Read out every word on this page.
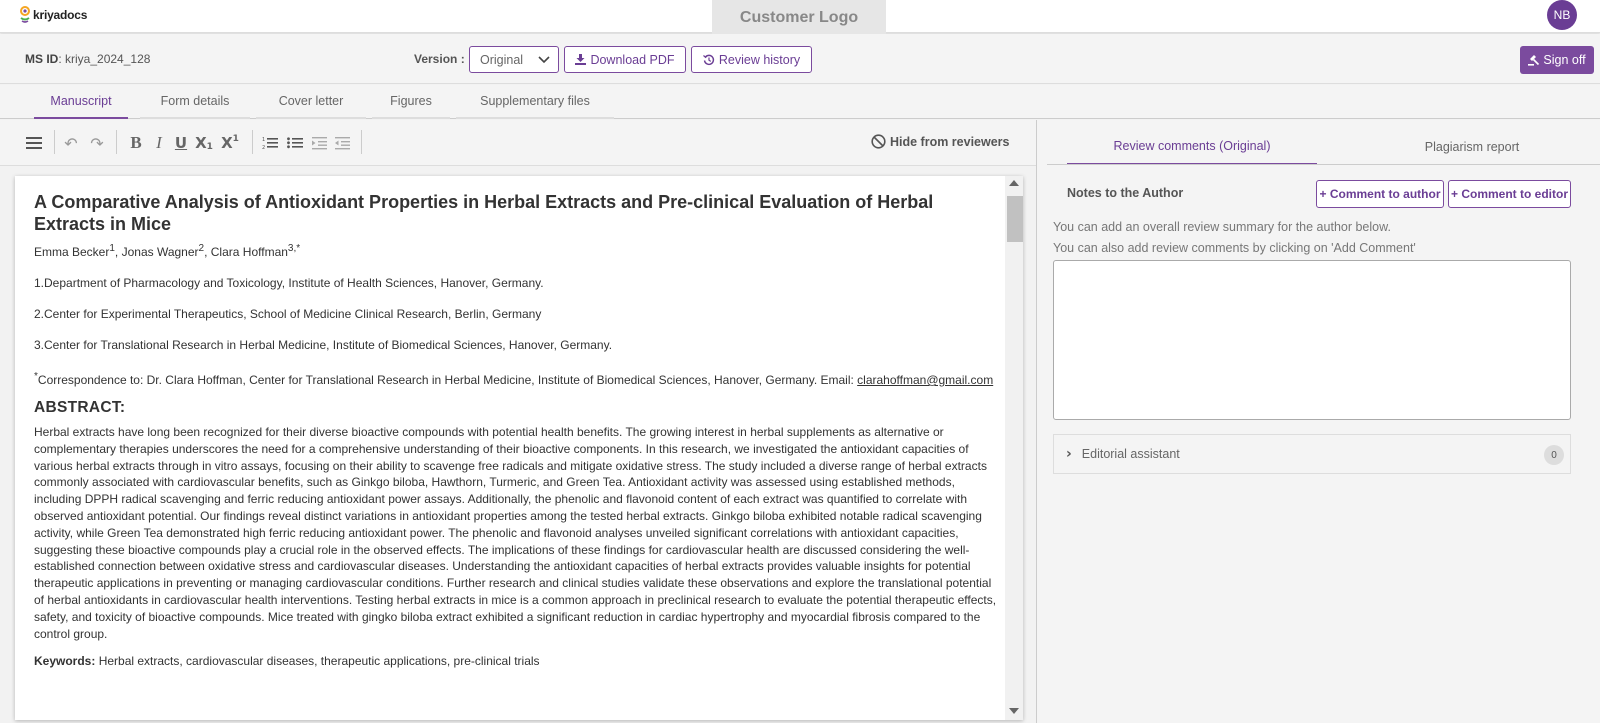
kriyadocs	Customer Logo	NB
MS ID: kriya_2024_128	Version : Original	Download PDF	Review history	Sign off
Manuscript	Form details	Cover letter	Figures	Supplementary files
↶ ↷ B I U X 1 X 1	1
2	Hide from reviewers
A Comparative Analysis of Antioxidant Properties in Herbal Extracts and Pre-clinical Evaluation of Herbal Extracts in Mice
Emma Becker$^1$, Jonas Wagner$^2$, Clara Hoffman$^{3,*}$
1.Department of Pharmacology and Toxicology, Institute of Health Sciences, Hanover, Germany.
2.Center for Experimental Therapeutics, School of Medicine Clinical Research, Berlin, Germany
3.Center for Translational Research in Herbal Medicine, Institute of Biomedical Sciences, Hanover, Germany.
*Correspondence to: Dr. Clara Hoffman, Center for Translational Research in Herbal Medicine, Institute of Biomedical Sciences, Hanover, Germany. Email: clarahoffman@gmail.com
ABSTRACT:
Herbal extracts have long been recognized for their diverse bioactive compounds with potential health benefits. The growing interest in herbal supplements as alternative or complementary therapies underscores the need for a comprehensive understanding of their bioactive components. In this research, we investigated the antioxidant capacities of various herbal extracts through in vitro assays, focusing on their ability to scavenge free radicals and mitigate oxidative stress. The study included a diverse range of herbal extracts commonly associated with cardiovascular benefits, such as Ginkgo biloba, Hawthorn, Turmeric, and Green Tea. Antioxidant activity was assessed using established methods, including DPPH radical scavenging and ferric reducing antioxidant power assays. Additionally, the phenolic and flavonoid content of each extract was quantified to correlate with observed antioxidant potential. Our findings reveal distinct variations in antioxidant properties among the tested herbal extracts. Ginkgo biloba exhibited notable radical scavenging activity, while Green Tea demonstrated high ferric reducing antioxidant power. The phenolic and flavonoid analyses unveiled significant correlations with antioxidant capacities, suggesting these bioactive compounds play a crucial role in the observed effects. The implications of these findings for cardiovascular health are discussed considering the well-established connection between oxidative stress and cardiovascular diseases. Understanding the antioxidant capacities of herbal extracts provides valuable insights for potential therapeutic applications in preventing or managing cardiovascular conditions. Further research and clinical studies validate these observations and explore the translational potential of herbal antioxidants in cardiovascular health interventions. Testing herbal extracts in mice is a common approach in preclinical research to evaluate the potential therapeutic effects, safety, and toxicity of bioactive compounds. Mice treated with gingko biloba extract exhibited a significant reduction in cardiac hypertrophy and myocardial fibrosis compared to the control group.
Keywords: Herbal extracts, cardiovascular diseases, therapeutic applications, pre-clinical trials
Review comments (Original)	Plagiarism report
Notes to the Author	+ Comment to author + Comment to editor
You can add an overall review summary for the author below.
You can also add review comments by clicking on 'Add Comment'
› Editorial assistant	0
